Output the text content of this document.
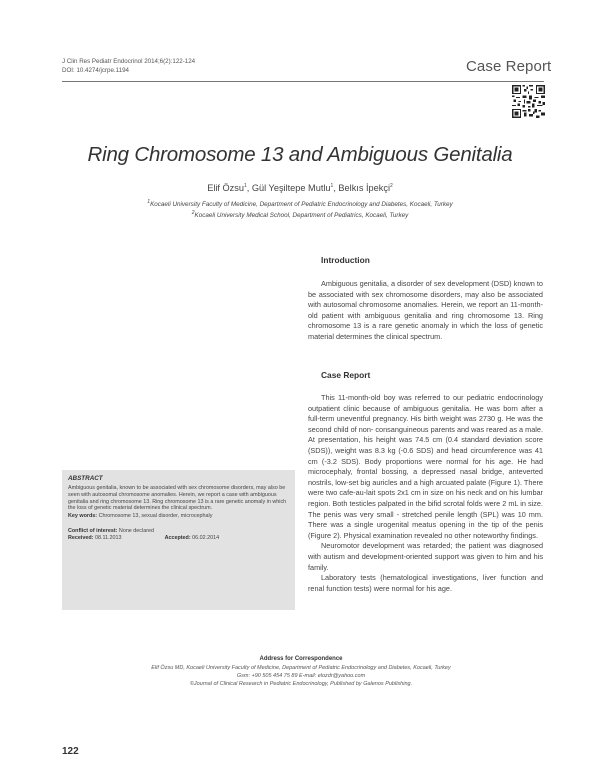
J Clin Res Pediatr Endocrinol 2014;6(2):122-124
DOI: 10.4274/jcrpe.1194	Case Report
Ring Chromosome 13 and Ambiguous Genitalia
Elif Özsu$^1$, Gül Yeşiltepe Mutlu$^1$, Belkıs İpekçi$^2$
$^1$Kocaeli University Faculty of Medicine, Department of Pediatric Endocrinology and Diabetes, Kocaeli, Turkey
$^2$Kocaeli University Medical School, Department of Pediatrics, Kocaeli, Turkey
Introduction

Ambiguous genitalia, a disorder of sex development (DSD) known to be associated with sex chromosome disorders, may also be associated with autosomal chromosome anomalies. Herein, we report an 11-month-old patient with ambiguous genitalia and ring chromosome 13. Ring chromosome 13 is a rare genetic anomaly in which the loss of genetic material determines the clinical spectrum.

Case Report

This 11-month-old boy was referred to our pediatric endocrinology outpatient clinic because of ambiguous genitalia. He was born after a full-term uneventful pregnancy. His birth weight was 2730 g. He was the second child of non- consanguineous parents and was reared as a male. At presentation, his height was 74.5 cm (0.4 standard deviation score (SDS)), weight was 8.3 kg (-0.6 SDS) and head circumference was 41 cm (-3.2 SDS). Body proportions were normal for his age. He had microcephaly, frontal bossing, a depressed nasal bridge, anteverted nostrils, low-set big auricles and a high arcuated palate (Figure 1). There were two cafe-au-lait spots 2x1 cm in size on his neck and on his lumbar region. Both testicles palpated in the bifid scrotal folds were 2 mL in size. The penis was very small - stretched penile length (SPL) was 10 mm. There was a single urogenital meatus opening in the tip of the penis (Figure 2). Physical examination revealed no other noteworthy findings.

Neuromotor development was retarded; the patient was diagnosed with autism and development-oriented support was given to him and his family.

Laboratory tests (hematological investigations, liver function and renal function tests) were normal for his age.

ABSTRACT
Ambiguous genitalia, known to be associated with sex chromosome disorders, may also be seen with autosomal chromosome anomalies. Herein, we report a case with ambiguous genitalia and ring chromosome 13. Ring chromosome 13 is a rare genetic anomaly in which the loss of genetic material determines the clinical spectrum.
Key words: Chromosome 13, sexual disorder, microcephaly
Conflict of interest: None declared
Received: 08.11.2013	Accepted: 06.02.2014
Address for Correspondence
Elif Özsu MD, Kocaeli University Faculty of Medicine, Department of Pediatric Endocrinology and Diabetes, Kocaeli, Turkey
Gsm: +90 505 454 75 89 E-mail: elozdr@yahoo.com
©Journal of Clinical Research in Pediatric Endocrinology, Published by Galenos Publishing.
122
